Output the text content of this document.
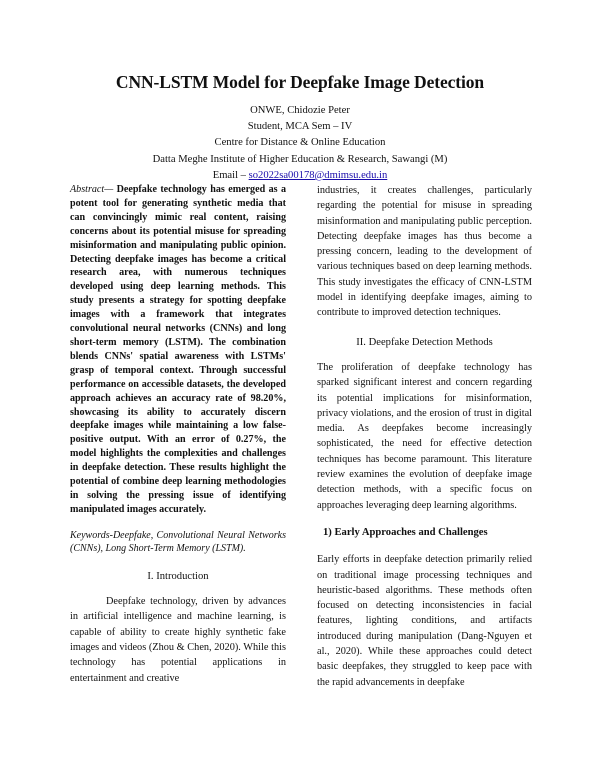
CNN-LSTM Model for Deepfake Image Detection
ONWE, Chidozie Peter
Student, MCA Sem – IV
Centre for Distance & Online Education
Datta Meghe Institute of Higher Education & Research, Sawangi (M)
Email – so2022sa00178@dmimsu.edu.in

Abstract— Deepfake technology has emerged as a potent tool for generating synthetic media that can convincingly mimic real content, raising concerns about its potential misuse for spreading misinformation and manipulating public opinion. Detecting deepfake images has become a critical research area, with numerous techniques developed using deep learning methods. This study presents a strategy for spotting deepfake images with a framework that integrates convolutional neural networks (CNNs) and long short-term memory (LSTM). The combination blends CNNs' spatial awareness with LSTMs' grasp of temporal context. Through successful performance on accessible datasets, the developed approach achieves an accuracy rate of 98.20%, showcasing its ability to accurately discern deepfake images while maintaining a low false-positive output. With an error of 0.27%, the model highlights the complexities and challenges in deepfake detection. These results highlight the potential of combine deep learning methodologies in solving the pressing issue of identifying manipulated images accurately.

Keywords-Deepfake, Convolutional Neural Networks (CNNs), Long Short-Term Memory (LSTM).

I. Introduction

Deepfake technology, driven by advances in artificial intelligence and machine learning, is capable of ability to create highly synthetic fake images and videos (Zhou & Chen, 2020). While this technology has potential applications in entertainment and creative

industries, it creates challenges, particularly regarding the potential for misuse in spreading misinformation and manipulating public perception. Detecting deepfake images has thus become a pressing concern, leading to the development of various techniques based on deep learning methods. This study investigates the efficacy of CNN-LSTM model in identifying deepfake images, aiming to contribute to improved detection techniques.

II. Deepfake Detection Methods

The proliferation of deepfake technology has sparked significant interest and concern regarding its potential implications for misinformation, privacy violations, and the erosion of trust in digital media. As deepfakes become increasingly sophisticated, the need for effective detection techniques has become paramount. This literature review examines the evolution of deepfake image detection methods, with a specific focus on approaches leveraging deep learning algorithms.

1) Early Approaches and Challenges

Early efforts in deepfake detection primarily relied on traditional image processing techniques and heuristic-based algorithms. These methods often focused on detecting inconsistencies in facial features, lighting conditions, and artifacts introduced during manipulation (Dang-Nguyen et al., 2020). While these approaches could detect basic deepfakes, they struggled to keep pace with the rapid advancements in deepfake
